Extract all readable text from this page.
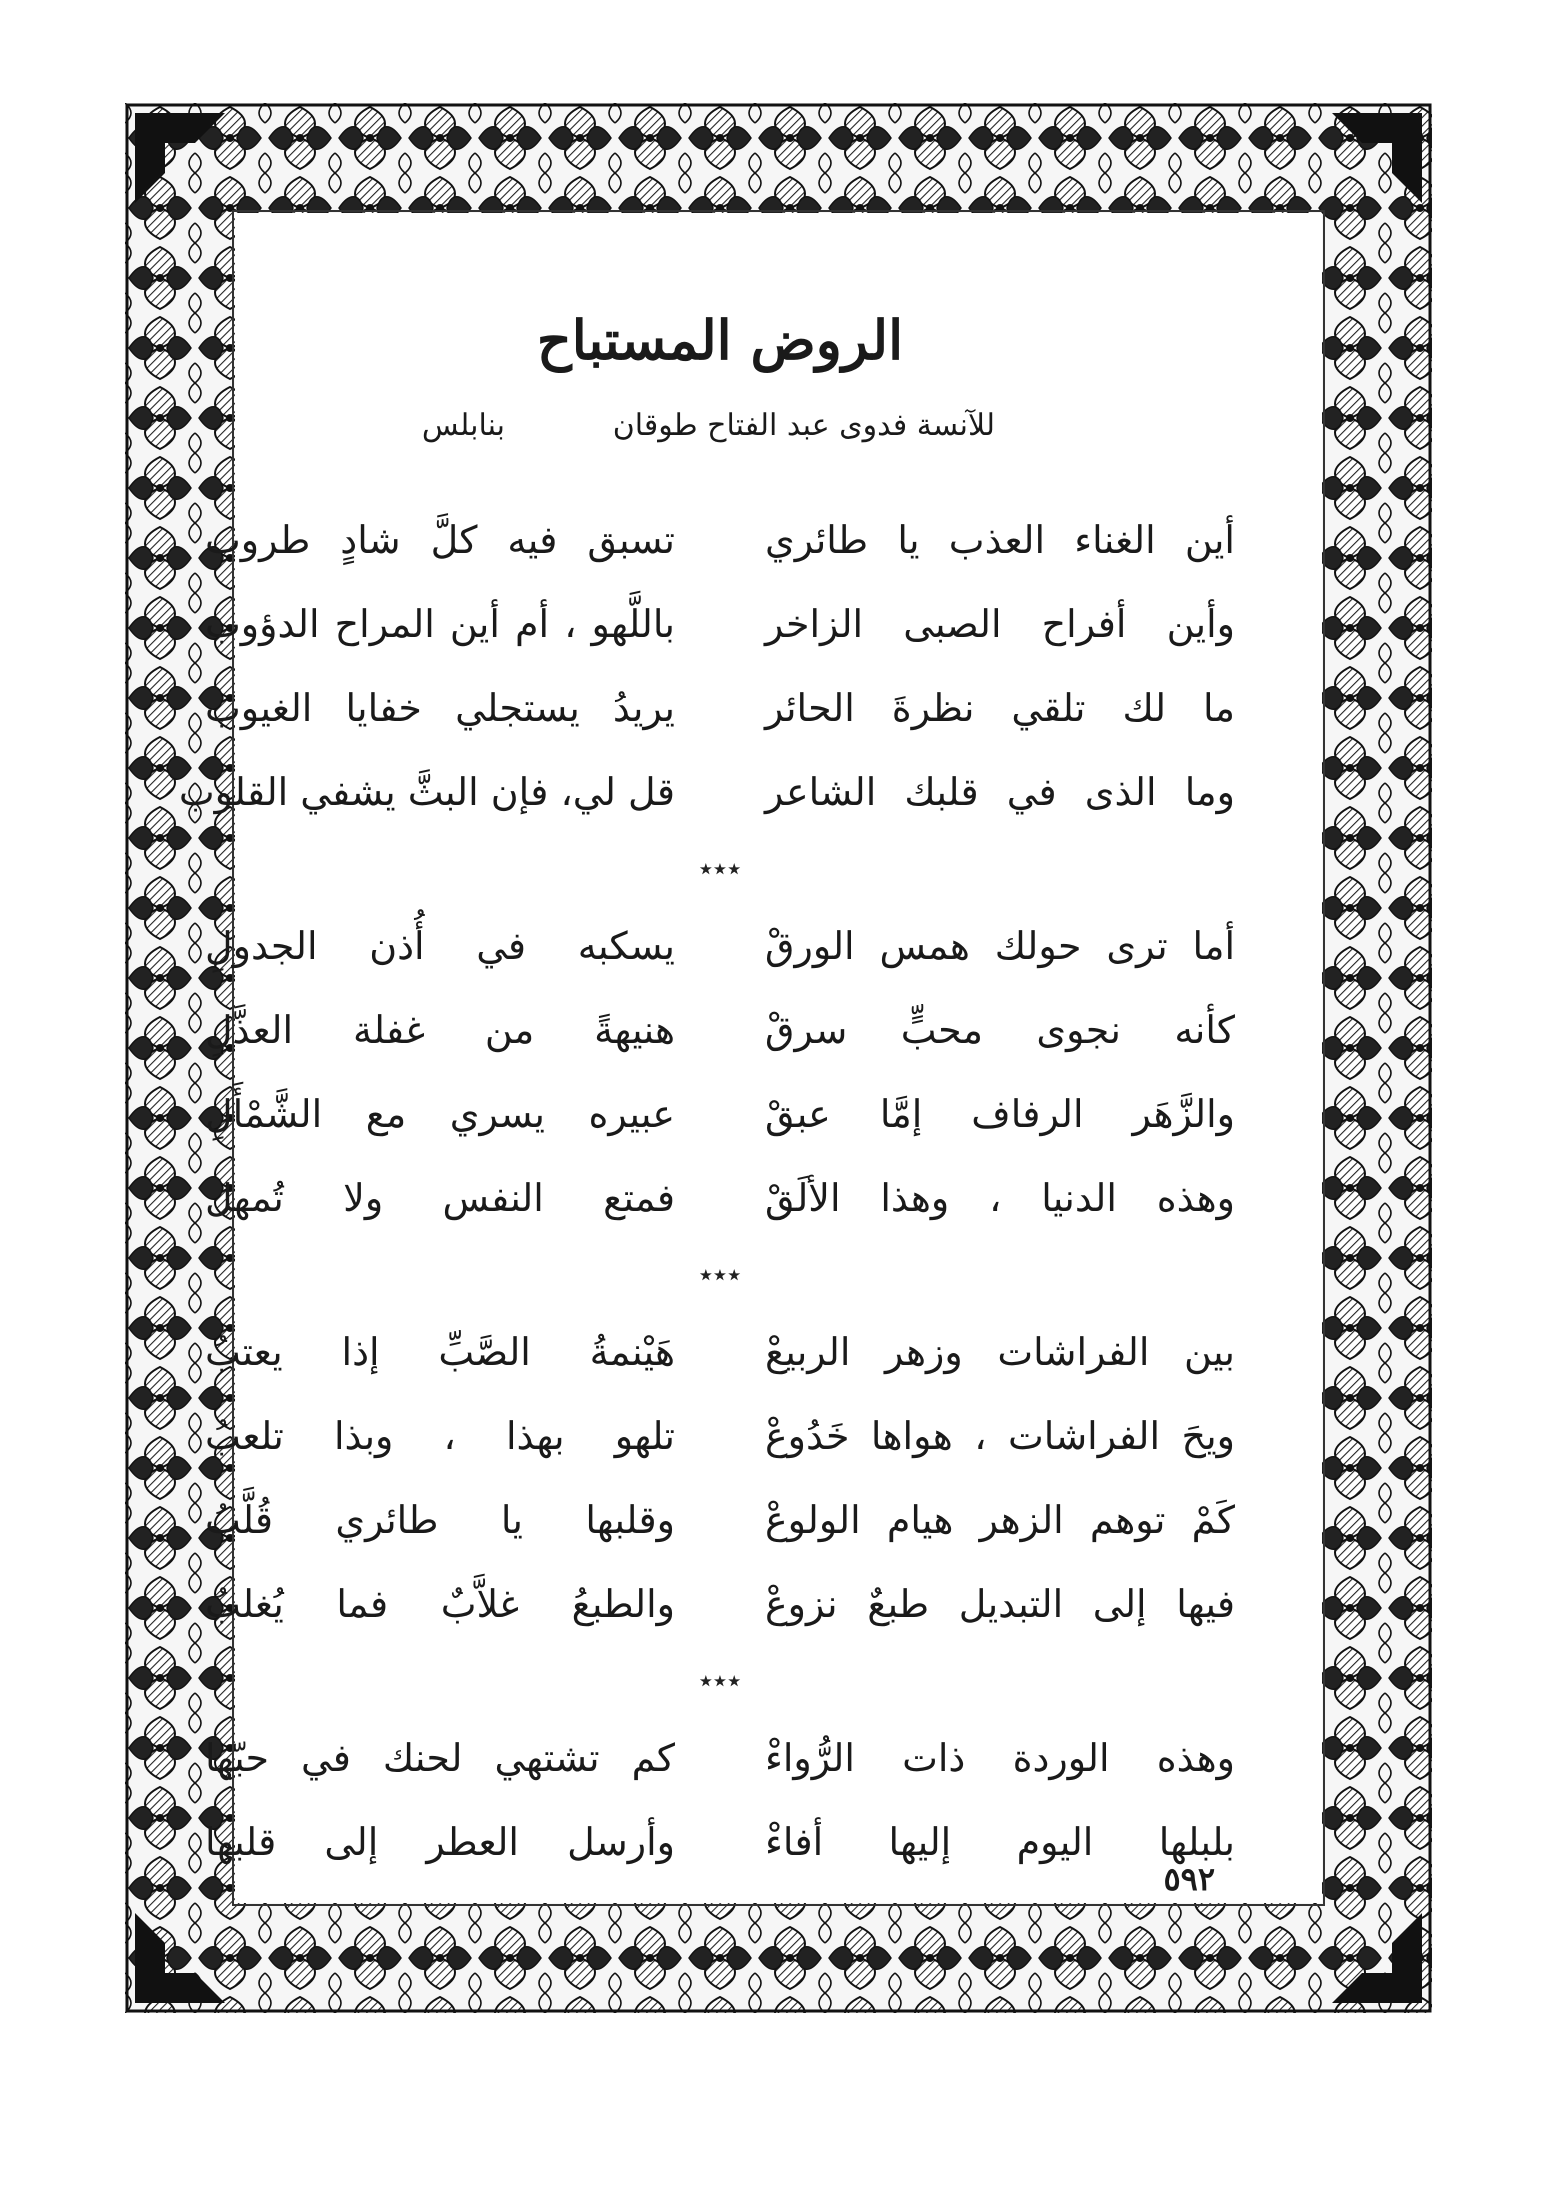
الروض المستباح
للآنسة فدوى عبد الفتاح طوقان
بنابلس
أين الغناء العذب يا طائري
تسبق فيه كلَّ شادٍ طروب
وأين أفراح الصبى الزاخر
باللَّهو ، أم أين المراح الدؤوب
ما لك تلقي نظرةَ الحائر
يريدُ يستجلي خفايا الغيوب
وما الذى في قلبك الشاعر
قل لي، فإن البثَّ يشفي القلوب
٭٭٭
أما ترى حولك همس الورقْ
يسكبه في أُذن الجدولِ
كأنه نجوى محبٍّ سرقْ
هنيهةً من غفلة العذَّلِ
والزَّهَر الرفاف إمَّا عبقْ
عبيره يسري مع الشَّمْأَلِ
وهذه الدنيا ، وهذا الألَقْ
فمتع النفس ولا تُمهل
٭٭٭
بين الفراشات وزهر الربيعْ
هَيْنمةُ الصَّبِّ إذا يعتبُ
ويحَ الفراشات ، هواها خَدُوعْ
تلهو بهذا ، وبذا تلعبُ
كَمْ توهم الزهر هيام الولوعْ
وقلبها يا طائري قُلَّبُ
فيها إلى التبديل طبعٌ نزوعْ
والطبعُ غلاَّبٌ فما يُغلبُ
٭٭٭
وهذه الوردة ذات الرُّواءْ
كم تشتهي لحنك في حبّها
بلبلها اليوم إليها أفاءْ
وأرسل العطر إلى قلبها
٥٩٢
